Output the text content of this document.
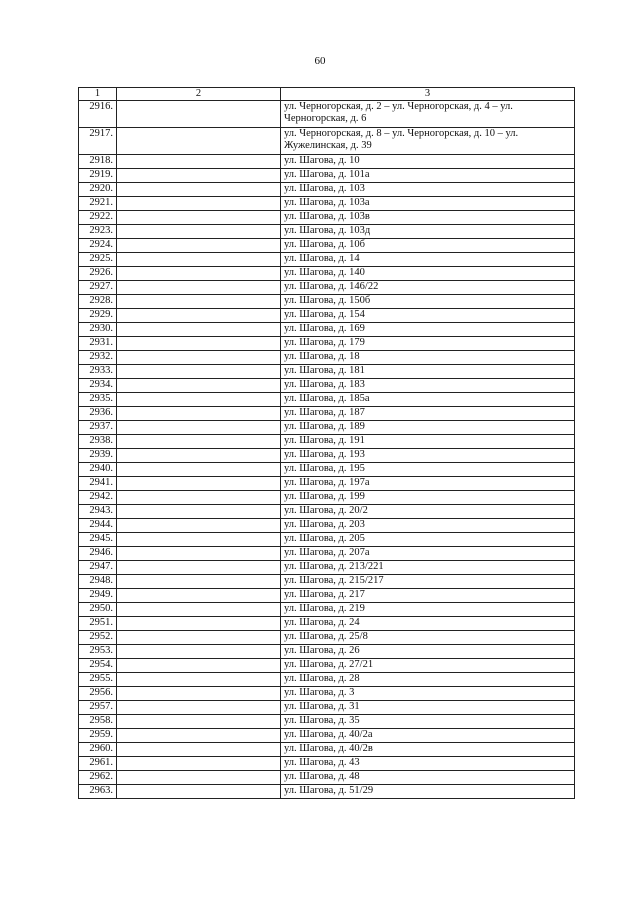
60
1	2	3
2916.		ул. Черногорская, д. 2 – ул. Черногорская, д. 4 – ул. Черногорская, д. 6
2917.		ул. Черногорская, д. 8 – ул. Черногорская, д. 10 – ул. Жужелинская, д. 39
2918.		ул. Шагова, д. 10
2919.		ул. Шагова, д. 101а
2920.		ул. Шагова, д. 103
2921.		ул. Шагова, д. 103а
2922.		ул. Шагова, д. 103в
2923.		ул. Шагова, д. 103д
2924.		ул. Шагова, д. 10б
2925.		ул. Шагова, д. 14
2926.		ул. Шагова, д. 140
2927.		ул. Шагова, д. 146/22
2928.		ул. Шагова, д. 150б
2929.		ул. Шагова, д. 154
2930.		ул. Шагова, д. 169
2931.		ул. Шагова, д. 179
2932.		ул. Шагова, д. 18
2933.		ул. Шагова, д. 181
2934.		ул. Шагова, д. 183
2935.		ул. Шагова, д. 185а
2936.		ул. Шагова, д. 187
2937.		ул. Шагова, д. 189
2938.		ул. Шагова, д. 191
2939.		ул. Шагова, д. 193
2940.		ул. Шагова, д. 195
2941.		ул. Шагова, д. 197а
2942.		ул. Шагова, д. 199
2943.		ул. Шагова, д. 20/2
2944.		ул. Шагова, д. 203
2945.		ул. Шагова, д. 205
2946.		ул. Шагова, д. 207а
2947.		ул. Шагова, д. 213/221
2948.		ул. Шагова, д. 215/217
2949.		ул. Шагова, д. 217
2950.		ул. Шагова, д. 219
2951.		ул. Шагова, д. 24
2952.		ул. Шагова, д. 25/8
2953.		ул. Шагова, д. 26
2954.		ул. Шагова, д. 27/21
2955.		ул. Шагова, д. 28
2956.		ул. Шагова, д. 3
2957.		ул. Шагова, д. 31
2958.		ул. Шагова, д. 35
2959.		ул. Шагова, д. 40/2а
2960.		ул. Шагова, д. 40/2в
2961.		ул. Шагова, д. 43
2962.		ул. Шагова, д. 48
2963.		ул. Шагова, д. 51/29
